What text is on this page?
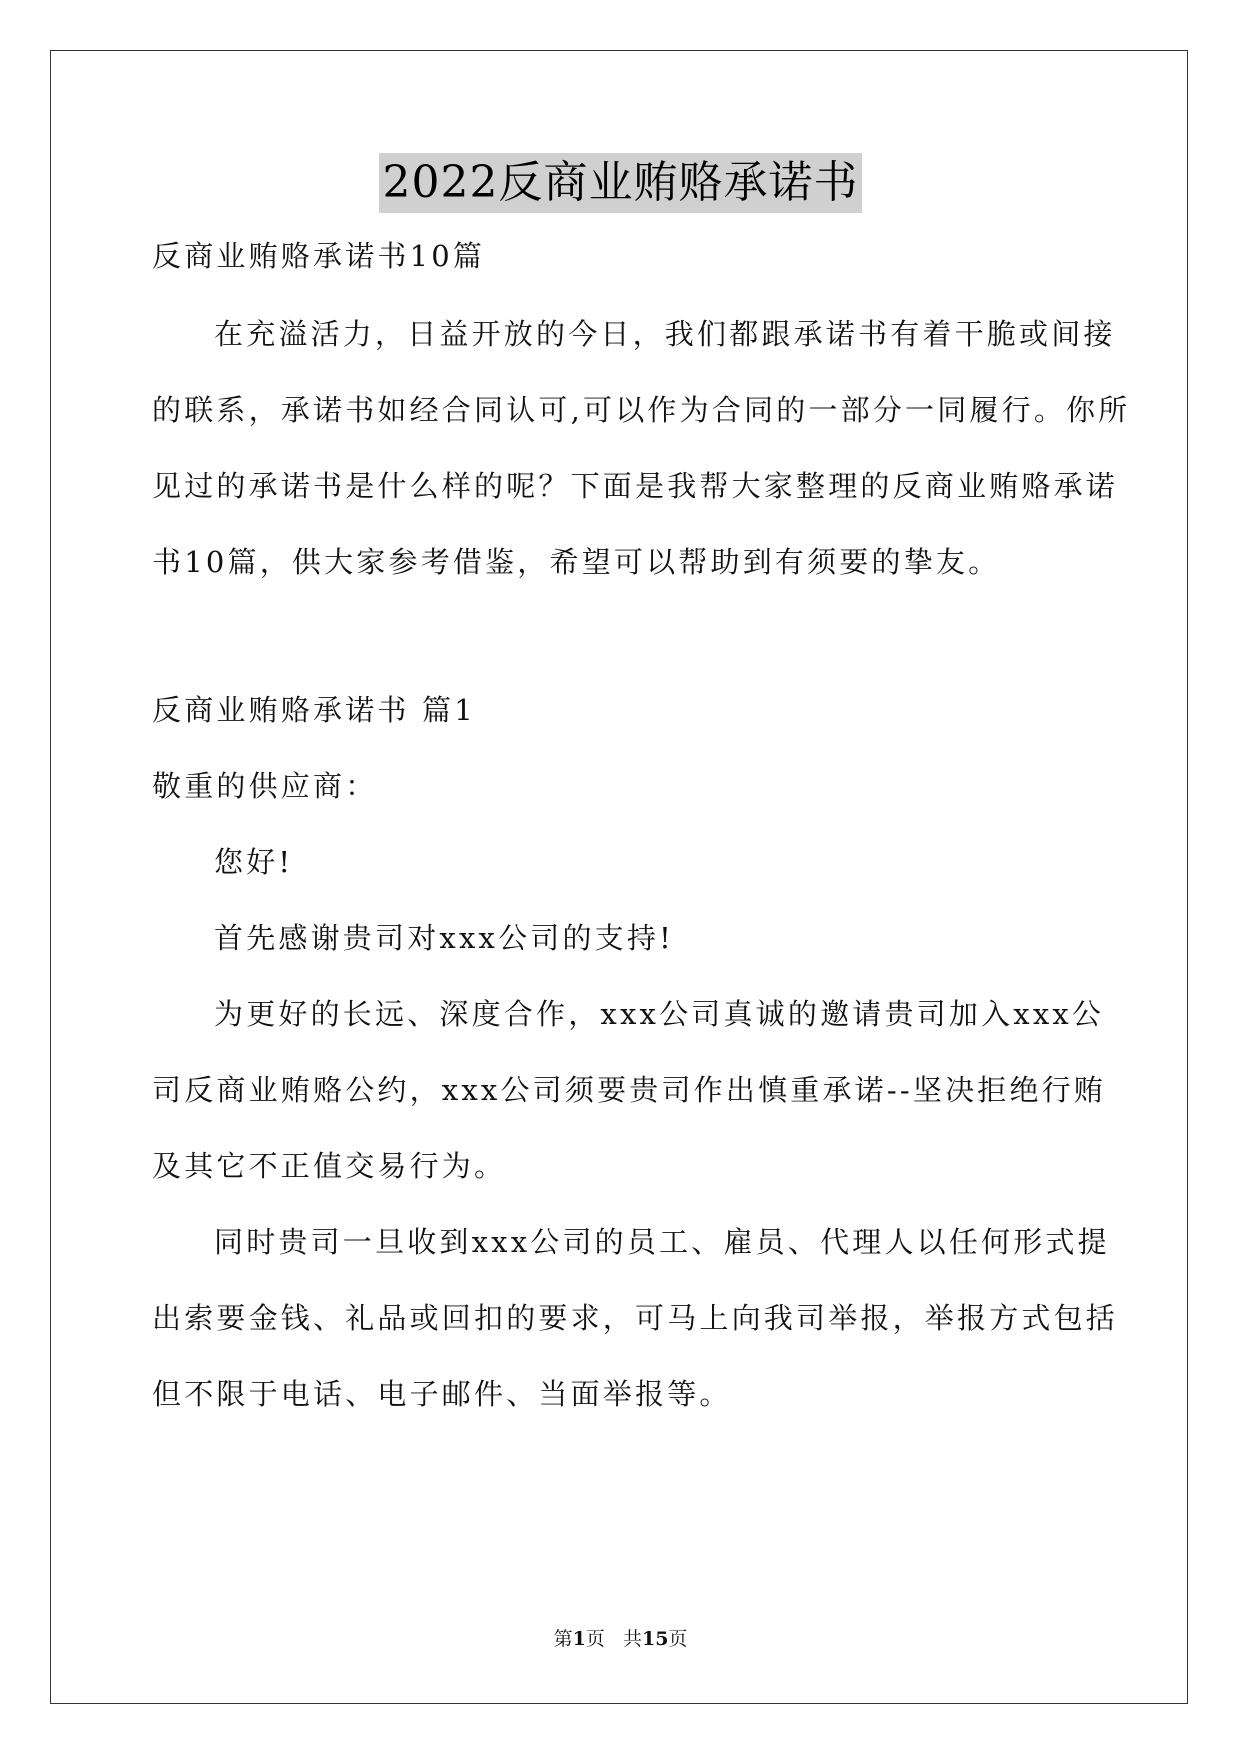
2022反商业贿赂承诺书
反商业贿赂承诺书10篇
在充溢活力，日益开放的今日，我们都跟承诺书有着干脆或间接
的联系，承诺书如经合同认可,可以作为合同的一部分一同履行。你所
见过的承诺书是什么样的呢？下面是我帮大家整理的反商业贿赂承诺
书10篇，供大家参考借鉴，希望可以帮助到有须要的挚友。
反商业贿赂承诺书 篇1
敬重的供应商：
您好!
首先感谢贵司对xxx公司的支持!
为更好的长远、深度合作，xxx公司真诚的邀请贵司加入xxx公
司反商业贿赂公约，xxx公司须要贵司作出慎重承诺--坚决拒绝行贿
及其它不正值交易行为。
同时贵司一旦收到xxx公司的员工、雇员、代理人以任何形式提
出索要金钱、礼品或回扣的要求，可马上向我司举报，举报方式包括
但不限于电话、电子邮件、当面举报等。
第1页 共15页
